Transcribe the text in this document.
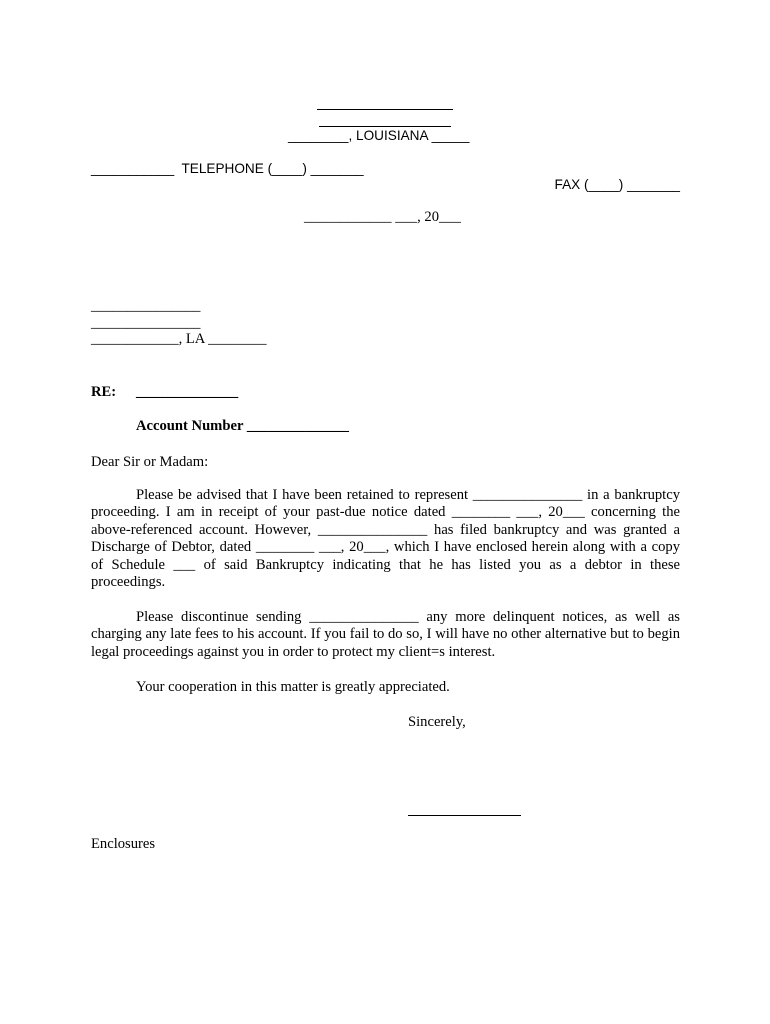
________, LOUISIANA _____
___________  TELEPHONE (____) _______
FAX (____) _______
____________ ___, 20___
_______________
_______________
____________, LA ________
RE: ______________
Account Number ______________
Dear Sir or Madam:

Please be advised that I have been retained to represent _______________ in a bankruptcy proceeding. I am in receipt of your past-due notice dated ________ ___, 20___ concerning the above-referenced account. However, _______________ has filed bankruptcy and was granted a Discharge of Debtor, dated ________ ___, 20___, which I have enclosed herein along with a copy of Schedule ___ of said Bankruptcy indicating that he has listed you as a debtor in these proceedings.

Please discontinue sending _______________ any more delinquent notices, as well as charging any late fees to his account. If you fail to do so, I will have no other alternative but to begin legal proceedings against you in order to protect my client=s interest.

Your cooperation in this matter is greatly appreciated.

Sincerely,
Enclosures
